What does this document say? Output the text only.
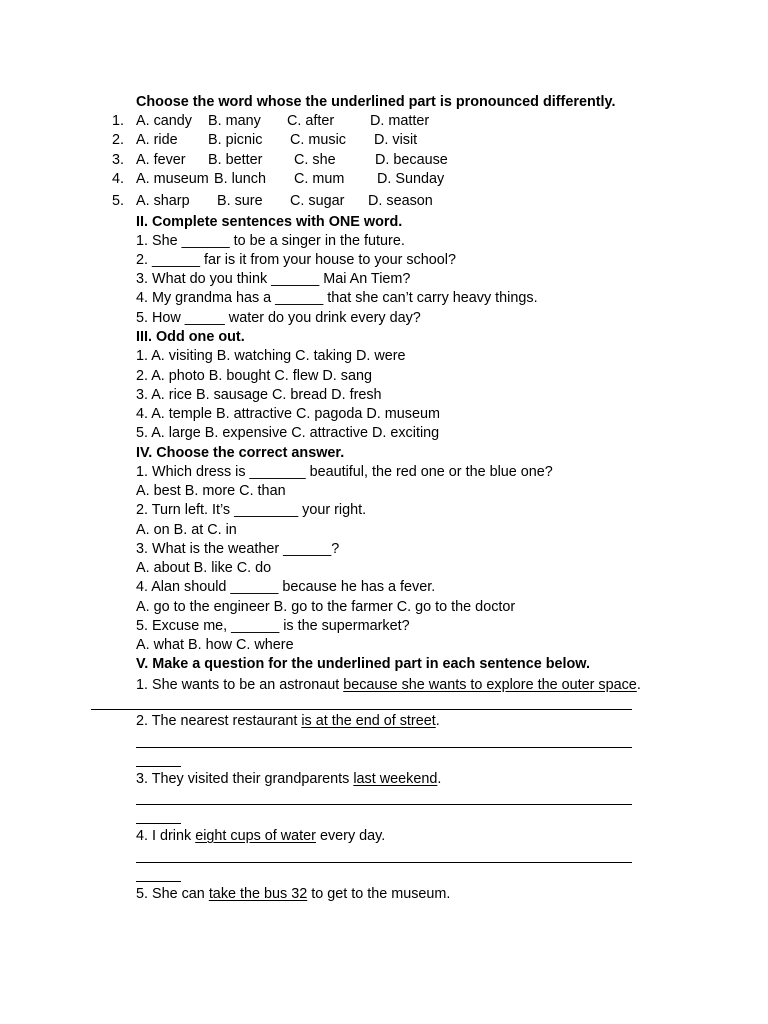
Choose the word whose the underlined part is pronounced differently.
1. A. candy B. many C. after D. matter
2. A. ride B. picnic C. music D. visit
3. A. fever B. better C. she	D. because
4. A. museum B. lunch C. mum D. Sunday
5. A. sharp B. sure C. sugar D. season
II. Complete sentences with ONE word.
1. She ______ to be a singer in the future.
2. ______ far is it from your house to your school?
3. What do you think ______ Mai An Tiem?
4. My grandma has a ______ that she can’t carry heavy things.
5. How _____ water do you drink every day?
III. Odd one out.
1. A. visiting B. watching C. taking D. were
2. A. photo B. bought C. flew D. sang
3. A. rice B. sausage C. bread D. fresh
4. A. temple B. attractive C. pagoda D. museum
5. A. large B. expensive C. attractive D. exciting
IV. Choose the correct answer.
1. Which dress is _______ beautiful, the red one or the blue one?
A. best B. more C. than
2. Turn left. It’s ________ your right.
A. on B. at C. in
3. What is the weather ______?
A. about B. like C. do
4. Alan should ______ because he has a fever.
A. go to the engineer B. go to the farmer C. go to the doctor
5. Excuse me, ______ is the supermarket?
A. what B. how C. where
V. Make a question for the underlined part in each sentence below.
1. She wants to be an astronaut because she wants to explore the outer space.
2. The nearest restaurant is at the end of street.
3. They visited their grandparents last weekend.
4. I drink eight cups of water every day.
5. She can take the bus 32 to get to the museum.
